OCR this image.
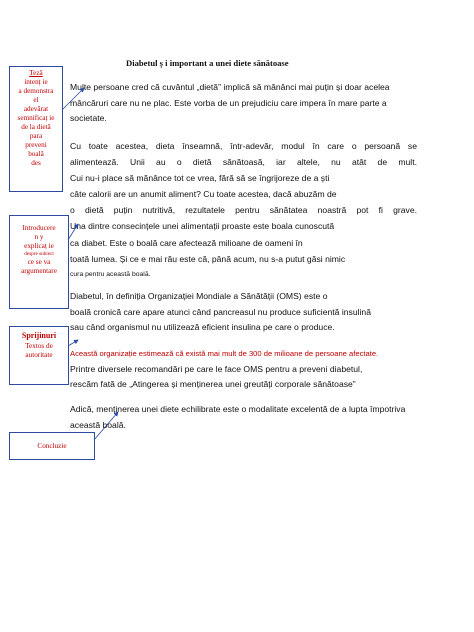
Diabetul ș i important a unei diete sănătoase
Multe persoane cred că cuvântul „dietă” implică să mănânci mai puțin și doar acelea
mâncăruri care nu ne plac. Este vorba de un prejudiciu care impera în mare parte a
societate.
Cu toate acestea, dieta înseamnă, într-adevăr, modul în care o persoană se
alimentează. Unii au o dietă sănătoasă, iar altele, nu atât de mult.
Cui nu-i place să mănânce tot ce vrea, fără să se îngrijoreze de a ști
câte calorii are un anumit aliment? Cu toate acestea, dacă abuzăm de
o dietă puțin nutritivă, rezultatele pentru sănătatea noastră pot fi grave.
Una dintre consecințele unei alimentații proaste este boala cunoscută
ca diabet. Este o boală care afectează milioane de oameni în
toată lumea. Și ce e mai rău este că, până acum, nu s-a putut găsi nimic
cura pentru această boală.
Diabetul, în definiția Organizației Mondiale a Sănătății (OMS) este o
boală cronică care apare atunci când pancreasul nu produce suficientă insulină
sau când organismul nu utilizează eficient insulina pe care o produce.
Această organizație estimează că există mai mult de 300 de milioane de persoane afectate.
Printre diversele recomandări pe care le face OMS pentru a preveni diabetul,
rescăm fată de „Atingerea și menținerea unei greutăți corporale sănătoase”
Adică, menținerea unei diete echilibrate este o modalitate excelentă de a lupta împotriva
această boală.
Teză
intenț ie
a demonstra
el
adevărat
semnificaț ie
de la dietă
para
preveni
boală
des
Introducere
n y
explicaț ie
despre subiect
ce se va
argumentare
Sprijinuri
Textos de
autoritate
Concluzie
